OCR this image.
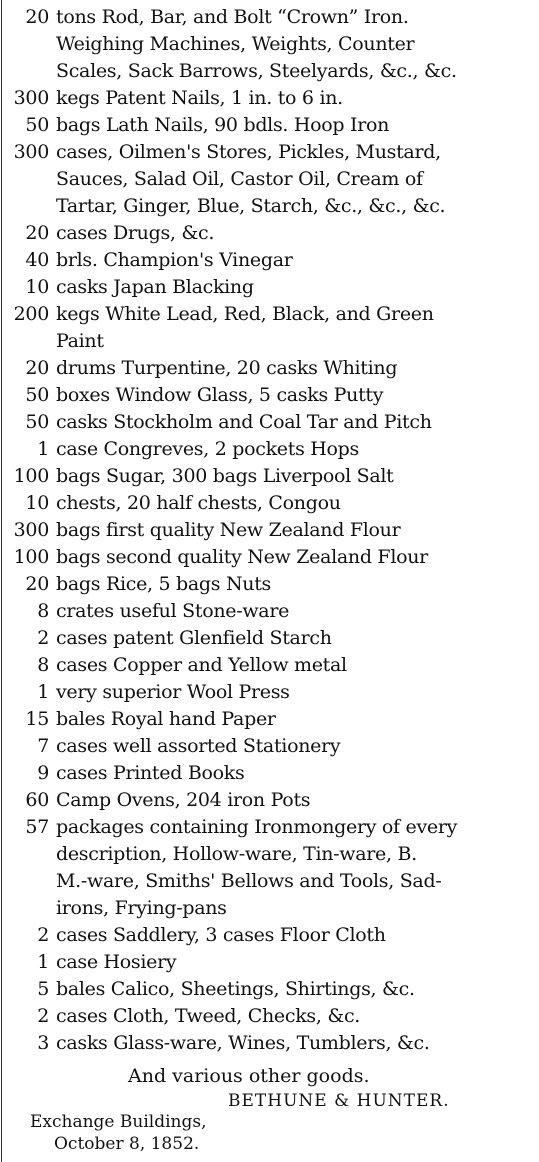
20 tons Rod, Bar, and Bolt “Crown” Iron.
Weighing Machines, Weights, Counter
Scales, Sack Barrows, Steelyards, &c., &c.
300 kegs Patent Nails, 1 in. to 6 in.
50 bags Lath Nails, 90 bdls. Hoop Iron
300 cases, Oilmen's Stores, Pickles, Mustard,
Sauces, Salad Oil, Castor Oil, Cream of
Tartar, Ginger, Blue, Starch, &c., &c., &c.
20 cases Drugs, &c.
40 brls. Champion's Vinegar
10 casks Japan Blacking
200 kegs White Lead, Red, Black, and Green
Paint
20 drums Turpentine, 20 casks Whiting
50 boxes Window Glass, 5 casks Putty
50 casks Stockholm and Coal Tar and Pitch
1 case Congreves, 2 pockets Hops
100 bags Sugar, 300 bags Liverpool Salt
10 chests, 20 half chests, Congou
300 bags first quality New Zealand Flour
100 bags second quality New Zealand Flour
20 bags Rice, 5 bags Nuts
8 crates useful Stone-ware
2 cases patent Glenfield Starch
8 cases Copper and Yellow metal
1 very superior Wool Press
15 bales Royal hand Paper
7 cases well assorted Stationery
9 cases Printed Books
60 Camp Ovens, 204 iron Pots
57 packages containing Ironmongery of every
description, Hollow-ware, Tin-ware, B.
M.-ware, Smiths' Bellows and Tools, Sad-
irons, Frying-pans
2 cases Saddlery, 3 cases Floor Cloth
1 case Hosiery
5 bales Calico, Sheetings, Shirtings, &c.
2 cases Cloth, Tweed, Checks, &c.
3 casks Glass-ware, Wines, Tumblers, &c.
And various other goods.
BETHUNE & HUNTER.
Exchange Buildings,
October 8, 1852.
